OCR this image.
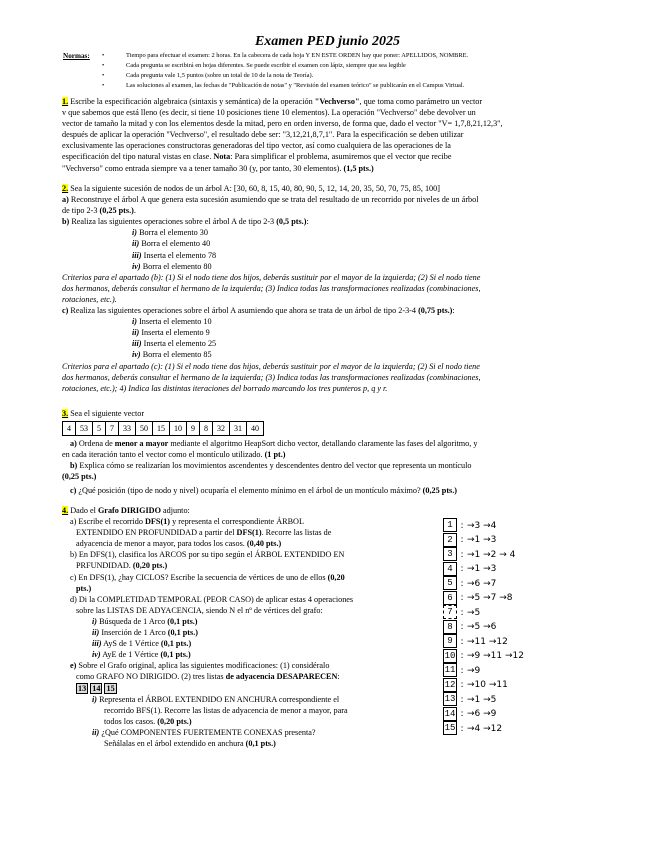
Examen PED junio 2025
Normas:
•	Tiempo para efectuar el examen: 2 horas. En la cabecera de cada hoja Y EN ESTE ORDEN hay que poner: APELLIDOS, NOMBRE.
• Cada pregunta se escribirá en hojas diferentes. Se puede escribir el examen con lápiz, siempre que sea legible
• Cada pregunta vale 1,5 puntos (sobre un total de 10 de la nota de Teoría).
• Las soluciones al examen, las fechas de "Publicación de notas" y "Revisión del examen teórico" se publicarán en el Campus Virtual.
1. Escribe la especificación algebraica (sintaxis y semántica) de la operación "Vechverso", que toma como parámetro un vector
v que sabemos que está lleno (es decir, si tiene 10 posiciones tiene 10 elementos). La operación "Vechverso" debe devolver un
vector de tamaño la mitad y con los elementos desde la mitad, pero en orden inverso, de forma que, dado el vector "V= 1,7,8,21,12,3",
después de aplicar la operación "Vechverso", el resultado debe ser: "3,12,21,8,7,1". Para la especificación se deben utilizar
exclusivamente las operaciones constructoras generadoras del tipo vector, así como cualquiera de las operaciones de la
especificación del tipo natural vistas en clase. Nota: Para simplificar el problema, asumiremos que el vector que recibe
"Vechverso" como entrada siempre va a tener tamaño 30 (y, por tanto, 30 elementos). (1,5 pts.)
2. Sea la siguiente sucesión de nodos de un árbol A: [30, 60, 8, 15, 40, 80, 90, 5, 12, 14, 20, 35, 50, 70, 75, 85, 100]
a) Reconstruye el árbol A que genera esta sucesión asumiendo que se trata del resultado de un recorrido por niveles de un árbol
de tipo 2-3 (0,25 pts.).
b) Realiza las siguientes operaciones sobre el árbol A de tipo 2-3 (0,5 pts.):
i) Borra el elemento 30
ii) Borra el elemento 40
iii) Inserta el elemento 78
iv) Borra el elemento 80
Criterios para el apartado (b): (1) Si el nodo tiene dos hijos, deberás sustituir por el mayor de la izquierda; (2) Si el nodo tiene
dos hermanos, deberás consultar el hermano de la izquierda; (3) Indica todas las transformaciones realizadas (combinaciones,
rotaciones, etc.).
c) Realiza las siguientes operaciones sobre el árbol A asumiendo que ahora se trata de un árbol de tipo 2-3-4 (0,75 pts.):
i) Inserta el elemento 10
ii) Inserta el elemento 9
iii) Inserta el elemento 25
iv) Borra el elemento 85
Criterios para el apartado (c): (1) Si el nodo tiene dos hijos, deberás sustituir por el mayor de la izquierda; (2) Si el nodo tiene
dos hermanos, deberás consultar el hermano de la izquierda; (3) Indica todas las transformaciones realizadas (combinaciones,
rotaciones, etc.); 4) Indica las distintas iteraciones del borrado marcando los tres punteros p, q y r.
3. Sea el siguiente vector
4	53	5	7	33	50	15	10	9	8	32	31	40
a) Ordena de menor a mayor mediante el algoritmo HeapSort dicho vector, detallando claramente las fases del algoritmo, y
en cada iteración tanto el vector como el montículo utilizado. (1 pt.)
b) Explica cómo se realizarían los movimientos ascendentes y descendentes dentro del vector que representa un montículo
(0,25 pts.)
c) ¿Qué posición (tipo de nodo y nivel) ocuparía el elemento mínimo en el árbol de un montículo máximo? (0,25 pts.)
4. Dado el Grafo DIRIGIDO adjunto:
a) Escribe el recorrido DFS(1) y representa el correspondiente ÁRBOL
EXTENDIDO EN PROFUNDIDAD a partir del DFS(1). Recorre las listas de
adyacencia de menor a mayor, para todos los casos. (0,40 pts.)
b) En DFS(1), clasifica los ARCOS por su tipo según el ÁRBOL EXTENDIDO EN
PRFUNDIDAD. (0,20 pts.)
c) En DFS(1), ¿hay CICLOS? Escribe la secuencia de vértices de uno de ellos (0,20
pts.)
d) Di la COMPLETIDAD TEMPORAL (PEOR CASO) de aplicar estas 4 operaciones
sobre las LISTAS DE ADYACENCIA, siendo N el nº de vértices del grafo:
i) Búsqueda de 1 Arco (0,1 pts.)
ii) Inserción de 1 Arco (0,1 pts.)
iii) AyS de 1 Vértice (0,1 pts.)
iv) AyE de 1 Vértice (0,1 pts.)
e) Sobre el Grafo original, aplica las siguientes modificaciones: (1) considéralo
como GRAFO NO DIRIGIDO. (2) tres listas de adyacencia DESAPARECEN:
13 14 15
i) Representa el ÁRBOL EXTENDIDO EN ANCHURA correspondiente el
recorrido BFS(1). Recorre las listas de adyacencia de menor a mayor, para
todos los casos. (0,20 pts.)
ii) ¿Qué COMPONENTES FUERTEMENTE CONEXAS presenta?
Señálalas en el árbol extendido en anchura (0,1 pts.)
1 : →3 →4
2 : →1 →3
3 : →1 →2 → 4
4 : →1 →3
5 : →6 →7
6 : →5 →7 →8
7 : →5
8 : →5 →6
9 : →11 →12
10 : →9 →11 →12
11 : →9
12 : →10 →11
13 : →1 →5
14 : →6 →9
15 : →4 →12
